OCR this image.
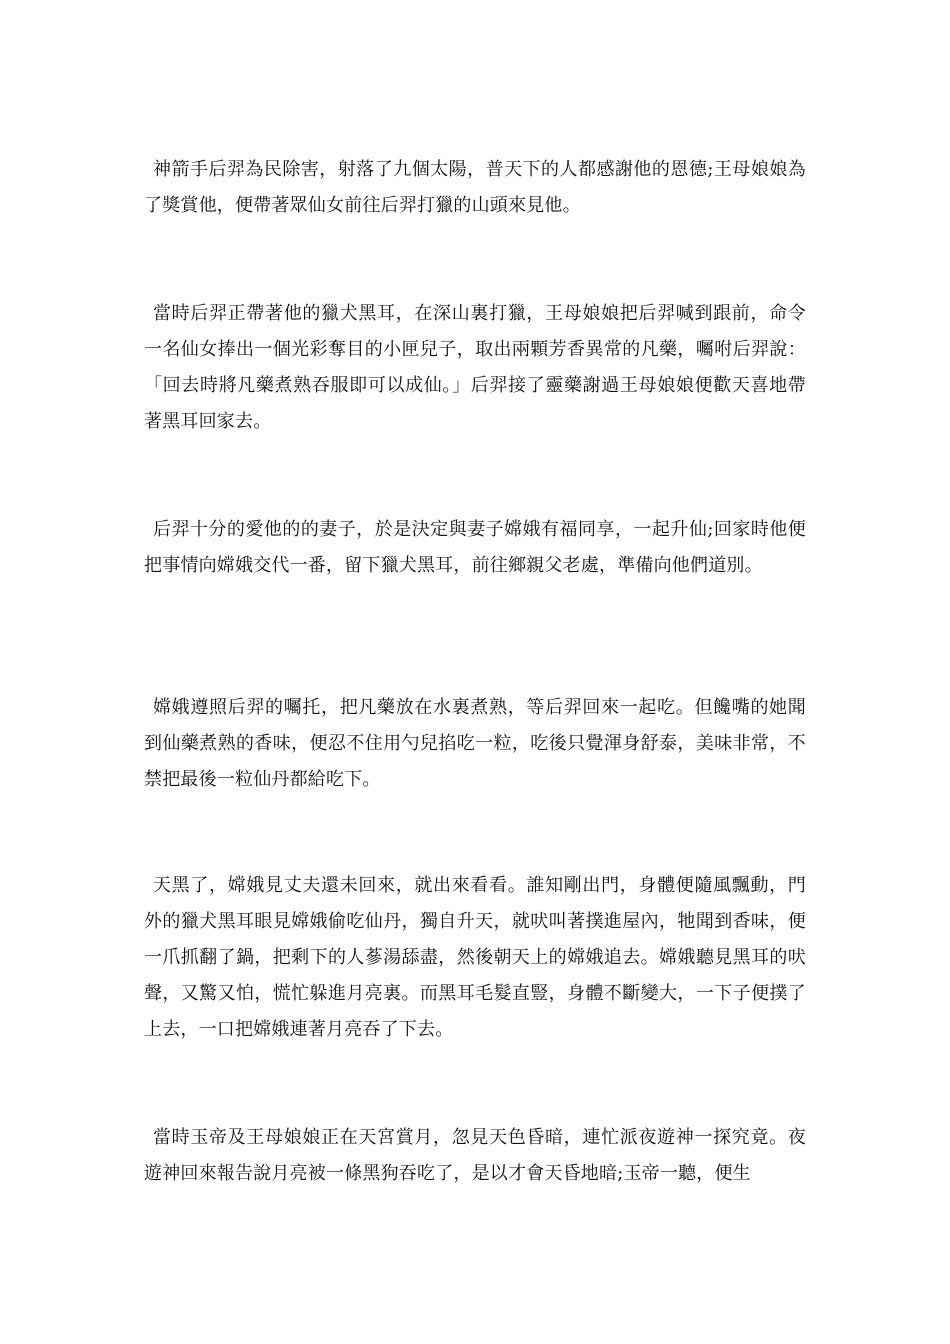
神箭手后羿為民除害，射落了九個太陽，普天下的人都感謝他的恩德;王母娘娘為了獎賞他，便帶著眾仙女前往后羿打獵的山頭來見他。

當時后羿正帶著他的獵犬黑耳，在深山裏打獵，王母娘娘把后羿喊到跟前，命令一名仙女捧出一個光彩奪目的小匣兒子，取出兩顆芳香異常的凡藥，囑咐后羿說：「回去時將凡藥煮熟吞服即可以成仙。」后羿接了靈藥謝過王母娘娘便歡天喜地帶著黑耳回家去。

后羿十分的愛他的的妻子，於是決定與妻子嫦娥有福同享，一起升仙;回家時他便把事情向嫦娥交代一番，留下獵犬黑耳，前往鄉親父老處，準備向他們道別。

嫦娥遵照后羿的囑托，把凡藥放在水裏煮熟，等后羿回來一起吃。但饞嘴的她聞到仙藥煮熟的香味，便忍不住用勺兒掐吃一粒，吃後只覺渾身舒泰，美味非常，不禁把最後一粒仙丹都給吃下。

天黑了，嫦娥見丈夫還未回來，就出來看看。誰知剛出門，身體便隨風飄動，門外的獵犬黑耳眼見嫦娥偷吃仙丹，獨自升天，就吠叫著撲進屋內，牠聞到香味，便一爪抓翻了鍋，把剩下的人蔘湯舔盡，然後朝天上的嫦娥追去。嫦娥聽見黑耳的吠聲，又驚又怕，慌忙躲進月亮裏。而黑耳毛髮直豎，身體不斷變大，一下子便撲了上去，一口把嫦娥連著月亮吞了下去。

當時玉帝及王母娘娘正在天宮賞月，忽見天色昏暗，連忙派夜遊神一探究竟。夜遊神回來報告說月亮被一條黑狗吞吃了，是以才會天昏地暗;玉帝一聽，便生
